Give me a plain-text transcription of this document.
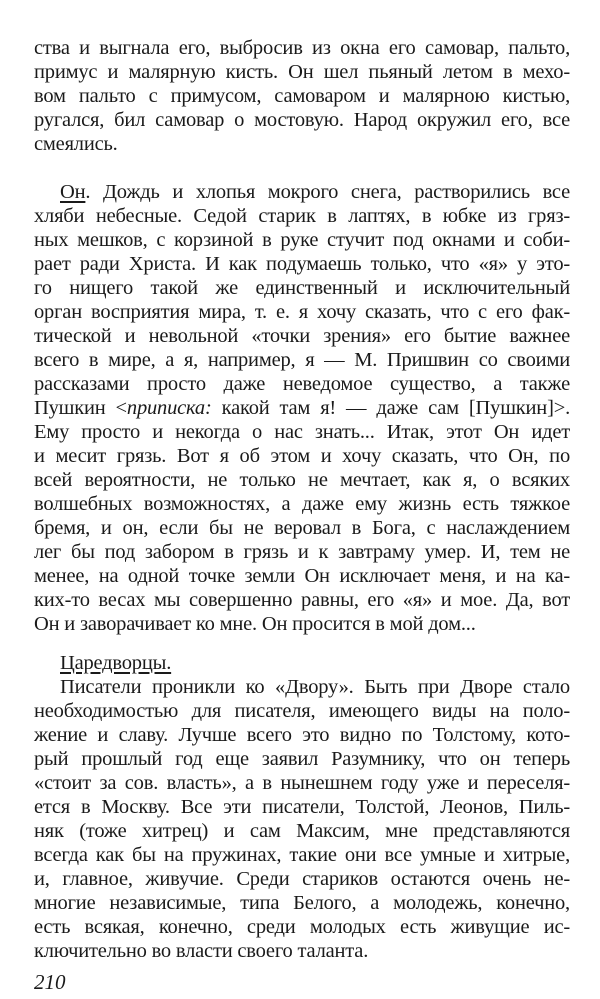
ства и выгнала его, выбросив из окна его самовар, пальто,
примус и малярную кисть. Он шел пьяный летом в мехо-
вом пальто с примусом, самоваром и малярною кистью,
ругался, бил самовар о мостовую. Народ окружил его, все
смеялись.
Он. Дождь и хлопья мокрого снега, растворились все
хляби небесные. Седой старик в лаптях, в юбке из гряз-
ных мешков, с корзиной в руке стучит под окнами и соби-
рает ради Христа. И как подумаешь только, что «я» у это-
го нищего такой же единственный и исключительный
орган восприятия мира, т. е. я хочу сказать, что с его фак-
тической и невольной «точки зрения» его бытие важнее
всего в мире, а я, например, я — М. Пришвин со своими
рассказами просто даже неведомое существо, а также
Пушкин <приписка: какой там я! — даже сам [Пушкин]>.
Ему просто и некогда о нас знать... Итак, этот Он идет
и месит грязь. Вот я об этом и хочу сказать, что Он, по
всей вероятности, не только не мечтает, как я, о всяких
волшебных возможностях, а даже ему жизнь есть тяжкое
бремя, и он, если бы не веровал в Бога, с наслаждением
лег бы под забором в грязь и к завтраму умер. И, тем не
менее, на одной точке земли Он исключает меня, и на ка-
ких-то весах мы совершенно равны, его «я» и мое. Да, вот
Он и заворачивает ко мне. Он просится в мой дом...
Царедворцы.
Писатели проникли ко «Двору». Быть при Дворе стало
необходимостью для писателя, имеющего виды на поло-
жение и славу. Лучше всего это видно по Толстому, кото-
рый прошлый год еще заявил Разумнику, что он теперь
«стоит за сов. власть», а в нынешнем году уже и переселя-
ется в Москву. Все эти писатели, Толстой, Леонов, Пиль-
няк (тоже хитрец) и сам Максим, мне представляются
всегда как бы на пружинах, такие они все умные и хитрые,
и, главное, живучие. Среди стариков остаются очень не-
многие независимые, типа Белого, а молодежь, конечно,
есть всякая, конечно, среди молодых есть живущие ис-
ключительно во власти своего таланта.
210
